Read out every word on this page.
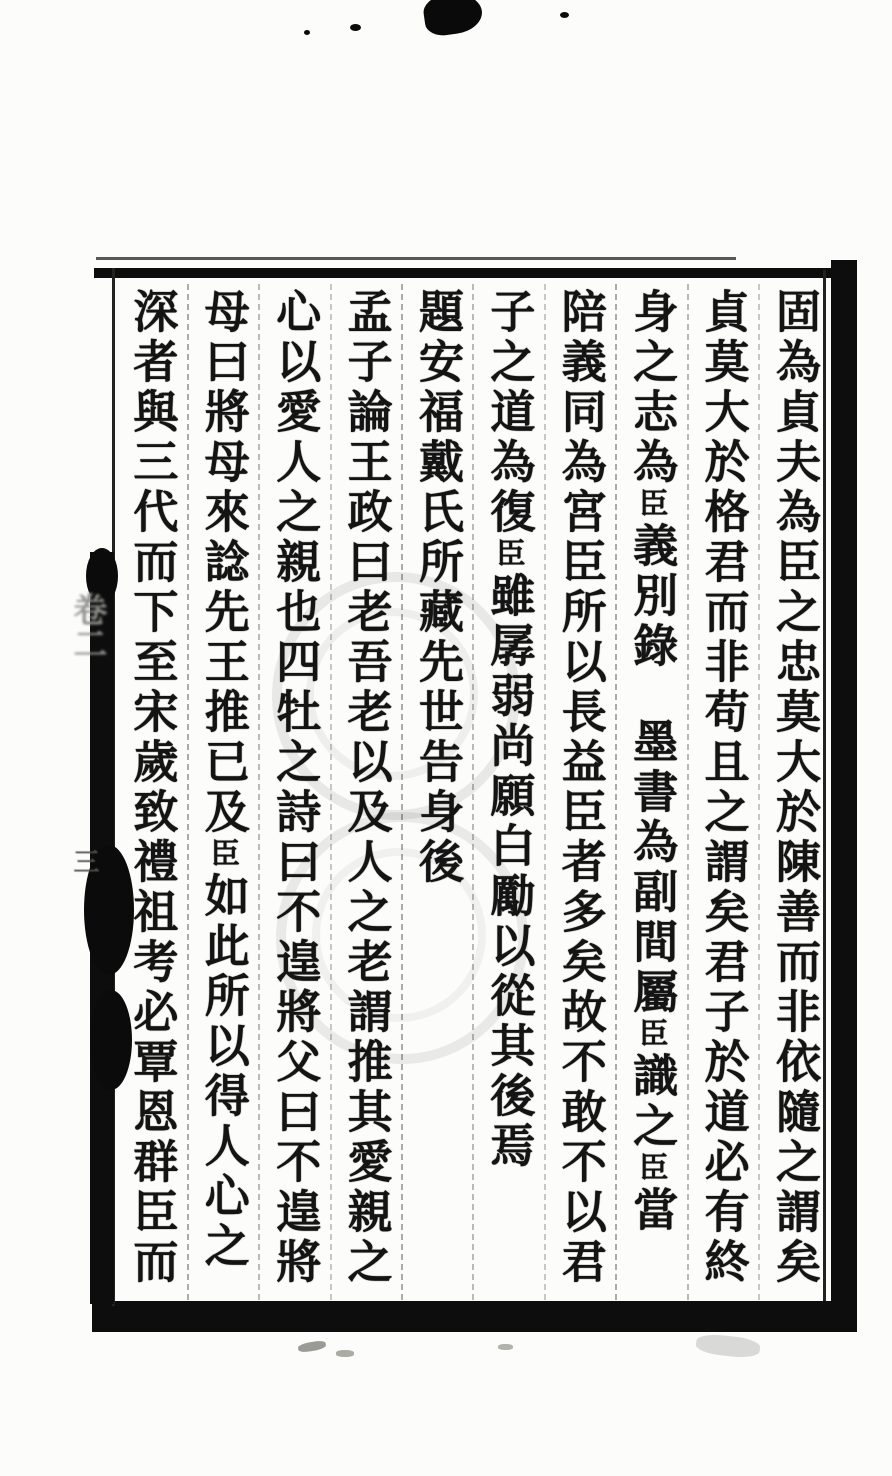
卷二
三	固為貞夫為臣之忠莫大於陳善而非依隨之謂矣
貞莫大於格君而非苟且之謂矣君子於道必有終
身之志為臣義別錄墨書為副間屬臣識之臣當
陪義同為宮臣所以長益臣者多矣故不敢不以君
子之道為復臣雖孱弱尚願白勵以從其後焉
題安福戴氏所藏先世告身後
孟子論王政曰老吾老以及人之老謂推其愛親之
心以愛人之親也四牡之詩曰不遑將父曰不遑將
母曰將母來諗先王推已及臣如此所以得人心之
深者與三代而下至宋歲致禮祖考必覃恩群臣而
